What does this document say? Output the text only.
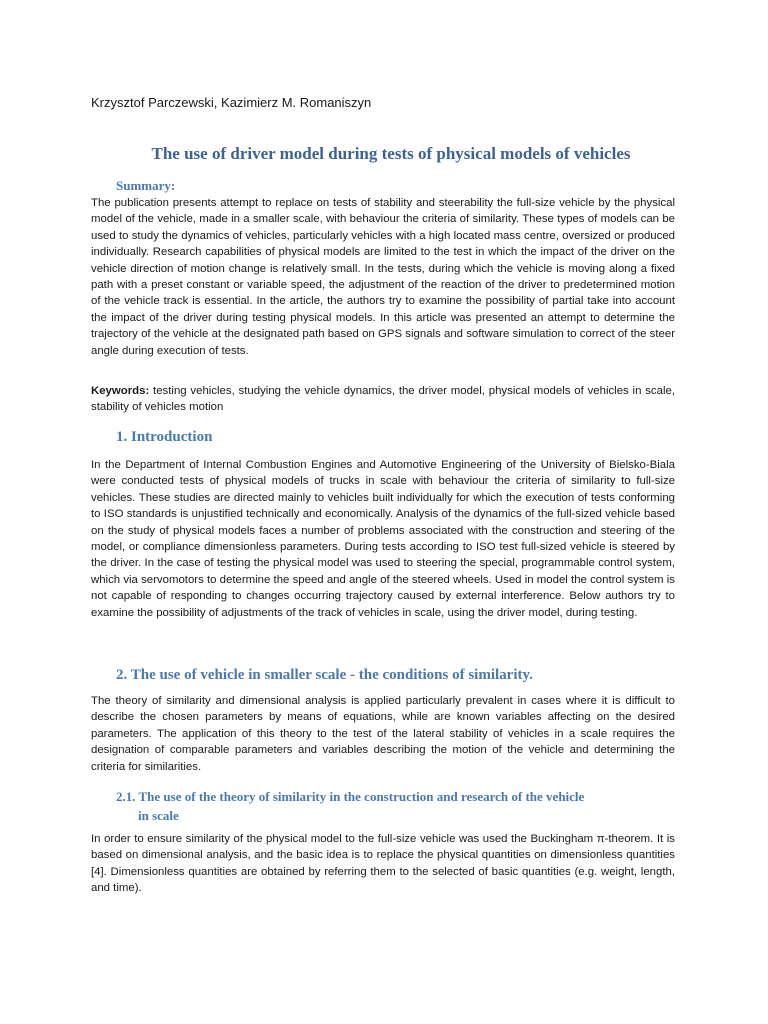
Krzysztof Parczewski, Kazimierz M. Romaniszyn
The use of driver model during tests of physical models of vehicles
Summary:

The publication presents attempt to replace on tests of stability and steerability the full-size vehicle by the physical model of the vehicle, made in a smaller scale, with behaviour the criteria of similarity. These types of models can be used to study the dynamics of vehicles, particularly vehicles with a high located mass centre, oversized or produced individually. Research capabilities of physical models are limited to the test in which the impact of the driver on the vehicle direction of motion change is relatively small. In the tests, during which the vehicle is moving along a fixed path with a preset constant or variable speed, the adjustment of the reaction of the driver to predetermined motion of the vehicle track is essential. In the article, the authors try to examine the possibility of partial take into account the impact of the driver during testing physical models. In this article was presented an attempt to determine the trajectory of the vehicle at the designated path based on GPS signals and software simulation to correct of the steer angle during execution of tests.

Keywords: testing vehicles, studying the vehicle dynamics, the driver model, physical models of vehicles in scale, stability of vehicles motion

1. Introduction

In the Department of Internal Combustion Engines and Automotive Engineering of the University of Bielsko-Biala were conducted tests of physical models of trucks in scale with behaviour the criteria of similarity to full-size vehicles. These studies are directed mainly to vehicles built individually for which the execution of tests conforming to ISO standards is unjustified technically and economically. Analysis of the dynamics of the full-sized vehicle based on the study of physical models faces a number of problems associated with the construction and steering of the model, or compliance dimensionless parameters. During tests according to ISO test full-sized vehicle is steered by the driver. In the case of testing the physical model was used to steering the special, programmable control system, which via servomotors to determine the speed and angle of the steered wheels. Used in model the control system is not capable of responding to changes occurring trajectory caused by external interference. Below authors try to examine the possibility of adjustments of the track of vehicles in scale, using the driver model, during testing.

2. The use of vehicle in smaller scale - the conditions of similarity.

The theory of similarity and dimensional analysis is applied particularly prevalent in cases where it is difficult to describe the chosen parameters by means of equations, while are known variables affecting on the desired parameters. The application of this theory to the test of the lateral stability of vehicles in a scale requires the designation of comparable parameters and variables describing the motion of the vehicle and determining the criteria for similarities.

2.1. The use of the theory of similarity in the construction and research of the vehicle
in scale

In order to ensure similarity of the physical model to the full-size vehicle was used the Buckingham π-theorem. It is based on dimensional analysis, and the basic idea is to replace the physical quantities on dimensionless quantities [4]. Dimensionless quantities are obtained by referring them to the selected of basic quantities (e.g. weight, length, and time).
